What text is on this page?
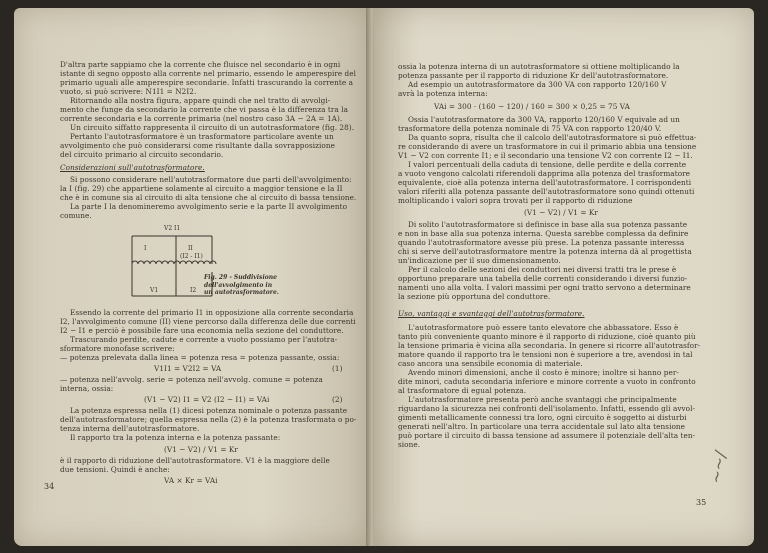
D'altra parte sappiamo che la corrente che fluisce nel secondario è in ogni
istante di segno opposto alla corrente nel primario, essendo le amperespire del
primario uguali alle amperespire secondarie. Infatti trascurando la corrente a
vuoto, si può scrivere: N1I1 = N2I2.
Ritornando alla nostra figura, appare quindi che nel tratto di avvolgi-
mento che funge da secondario la corrente che vi passa è la differenza tra la
corrente secondaria e la corrente primaria (nel nostro caso 3A − 2A = 1A).
Un circuito siffatto rappresenta il circuito di un autotrasformatore (fig. 28).
Pertanto l'autotrasformatore è un trasformatore particolare avente un
avvolgimento che può considerarsi come risultante dalla sovrapposizione
del circuito primario al circuito secondario.
Considerazioni sull'autotrasformatore.
Si possono considerare nell'autotrasformatore due parti dell'avvolgimento:
la I (fig. 29) che appartiene solamente al circuito a maggior tensione e la II
che è in comune sia al circuito di alta tensione che al circuito di bassa tensione.
La parte I la denomineremo avvolgimento serie e la parte II avvolgimento
comune.
V2 I1
I	II
(I2 - I1)
V1	I2
Fig. 29 - Suddivisione
dell'avvolgimento in
un autotrasformatore.
Essendo la corrente del primario I1 in opposizione alla corrente secondaria
I2, l'avvolgimento comune (II) viene percorso dalla differenza delle due correnti
I2 − I1 e perciò è possibile fare una economia nella sezione del conduttore.
Trascurando perdite, cadute e corrente a vuoto possiamo per l'autotra-
sformatore monofase scrivere:
— potenza prelevata dalla linea = potenza resa = potenza passante, ossia:
V1I1 = V2I2 = VA	(1)
— potenza nell'avvolg. serie = potenza nell'avvolg. comune = potenza
interna, ossia:
(V1 − V2) I1 = V2 (I2 − I1) = VAi	(2)
La potenza espressa nella (1) dicesi potenza nominale o potenza passante
dell'autotrasformatore; quella espressa nella (2) è la potenza trasformata o po-
tenza interna dell'autotrasformatore.
Il rapporto tra la potenza interna e la potenza passante:
(V1 − V2) / V1 = Kr
è il rapporto di riduzione dell'autotrasformatore. V1 è la maggiore delle
due tensioni. Quindi è anche:
VA × Kr = VAi
34
ossia la potenza interna di un autotrasformatore si ottiene moltiplicando la
potenza passante per il rapporto di riduzione Kr dell'autotrasformatore.
Ad esempio un autotrasformatore da 300 VA con rapporto 120/160 V
avrà la potenza interna:
VAi = 300 · (160 − 120) / 160 = 300 × 0,25 = 75 VA
Ossia l'autotrasformatore da 300 VA, rapporto 120/160 V equivale ad un
trasformatore della potenza nominale di 75 VA con rapporto 120/40 V.
Da quanto sopra, risulta che il calcolo dell'autotrasformatore si può effettua-
re considerando di avere un trasformatore in cui il primario abbia una tensione
V1 − V2 con corrente I1; e il secondario una tensione V2 con corrente I2 − I1.
I valori percentuali della caduta di tensione, delle perdite e della corrente
a vuoto vengono calcolati riferendoli dapprima alla potenza del trasformatore
equivalente, cioè alla potenza interna dell'autotrasformatore. I corrispondenti
valori riferiti alla potenza passante dell'autotrasformatore sono quindi ottenuti
moltiplicando i valori sopra trovati per il rapporto di riduzione
(V1 − V2) / V1 = Kr
Di solito l'autotrasformatore si definisce in base alla sua potenza passante
e non in base alla sua potenza interna. Questa sarebbe complessa da definire
quando l'autotrasformatore avesse più prese. La potenza passante interessa
chi si serve dell'autotrasformatore mentre la potenza interna dà al progettista
un'indicazione per il suo dimensionamento.
Per il calcolo delle sezioni dei conduttori nei diversi tratti tra le prese è
opportuno preparare una tabella delle correnti considerando i diversi funzio-
namenti uno alla volta. I valori massimi per ogni tratto servono a determinare
la sezione più opportuna del conduttore.
Uso, vantaggi e svantaggi dell'autotrasformatore.
L'autotrasformatore può essere tanto elevatore che abbassatore. Esso è
tanto più conveniente quanto minore è il rapporto di riduzione, cioè quanto più
la tensione primaria è vicina alla secondaria. In genere si ricorre all'autotrasfor-
matore quando il rapporto tra le tensioni non è superiore a tre, avendosi in tal
caso ancora una sensibile economia di materiale.
Avendo minori dimensioni, anche il costo è minore; inoltre si hanno per-
dite minori, caduta secondaria inferiore e minore corrente a vuoto in confronto
al trasformatore di egual potenza.
L'autotrasformatore presenta però anche svantaggi che principalmente
riguardano la sicurezza nei confronti dell'isolamento. Infatti, essendo gli avvol-
gimenti metallicamente connessi tra loro, ogni circuito è soggetto ai disturbi
generati nell'altro. In particolare una terra accidentale sul lato alta tensione
può portare il circuito di bassa tensione ad assumere il potenziale dell'alta ten-
sione.
35
~~/
